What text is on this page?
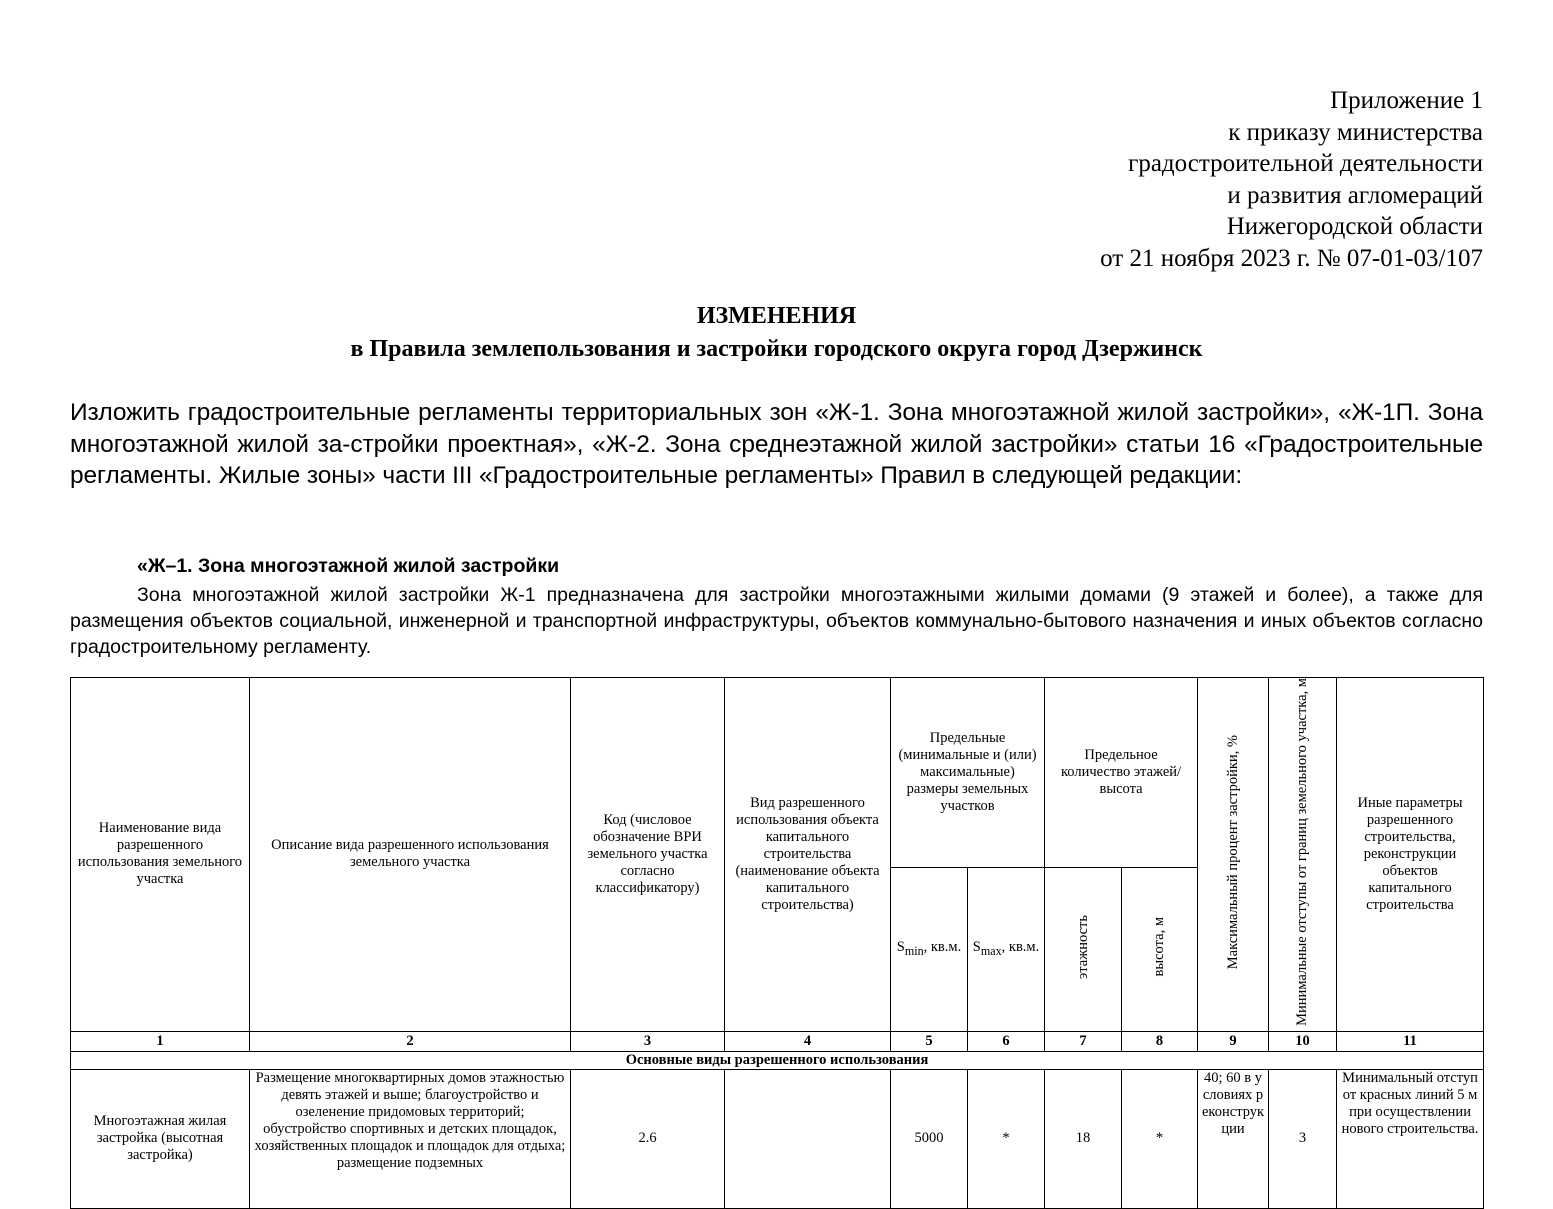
Приложение 1
к приказу министерства
градостроительной деятельности
и развития агломераций
Нижегородской области
от 21 ноября 2023 г. № 07-01-03/107
ИЗМЕНЕНИЯ
в Правила землепользования и застройки городского округа город Дзержинск
Изложить градостроительные регламенты территориальных зон «Ж-1. Зона многоэтажной жилой застройки», «Ж-1П. Зона многоэтажной жилой за-стройки проектная», «Ж-2. Зона среднеэтажной жилой застройки» статьи 16 «Градостроительные регламенты. Жилые зоны» части III «Градостроительные регламенты» Правил в следующей редакции:
«Ж–1. Зона многоэтажной жилой застройки
Зона многоэтажной жилой застройки Ж-1 предназначена для застройки многоэтажными жилыми домами (9 этажей и более), а также для размещения объектов социальной, инженерной и транспортной инфраструктуры, объектов коммунально-бытового назначения и иных объектов согласно градостроительному регламенту.
Наименование вида разрешенного использования земельного участка	Описание вида разрешенного использования земельного участка	Код (числовое обозначение ВРИ земельного участка согласно классификатору)	Вид разрешенного использования объекта капитального строительства (наименование объекта капитального строительства)	Предельные (минимальные и (или) максимальные) размеры земельных участков		Предельное количество этажей/высота		Максимальный процент застройки, %	Минимальные отступы от границ земельного участка, м	Иные параметры разрешенного строительства, реконструкции объектов капитального строительства
				$S_{min}$, кв.м.	$S_{max}$, кв.м.	этажность	высота, м			
1	2	3	4	5	6	7	8	9	10	11
Основные виды разрешенного использования										
Многоэтажная жилая застройка (высотная застройка)	Размещение многоквартирных домов этажностью девять этажей и выше; благоустройство и озеленение придомовых территорий; обустройство спортивных и детских площадок, хозяйственных площадок и площадок для отдыха; размещение подземных	2.6		5000	*	18	*	40; 60 в условиях реконструкции	3	Минимальный отступ от красных линий 5 м при осуществлении нового строительства.
